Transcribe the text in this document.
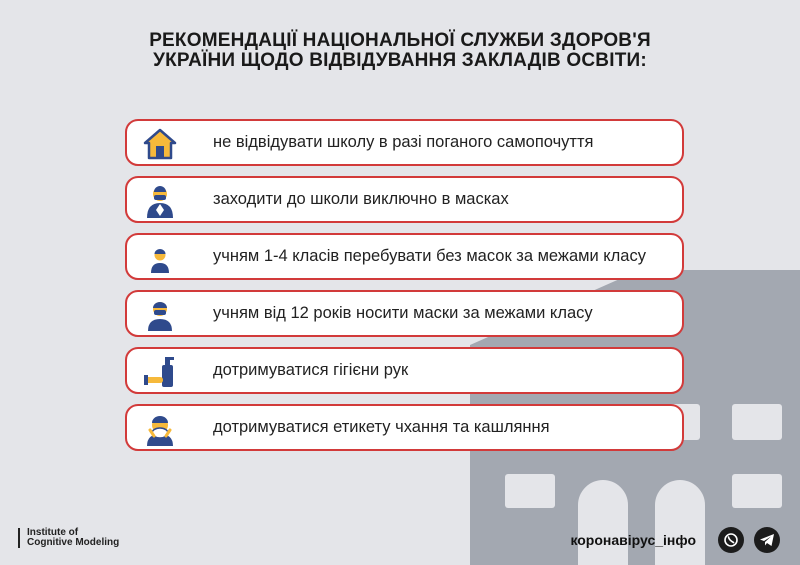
РЕКОМЕНДАЦІЇ НАЦІОНАЛЬНОЇ СЛУЖБИ ЗДОРОВ'Я
УКРАЇНИ ЩОДО ВІДВІДУВАННЯ ЗАКЛАДІВ ОСВІТИ:
не відвідувати школу в разі поганого самопочуття
заходити до школи виключно в масках
учням 1-4 класів перебувати без масок за межами класу
учням від 12 років носити маски за межами класу
дотримуватися гігієни рук
дотримуватися етикету чхання та кашляння
Institute of
Cognitive Modeling	коронавірус_інфо
